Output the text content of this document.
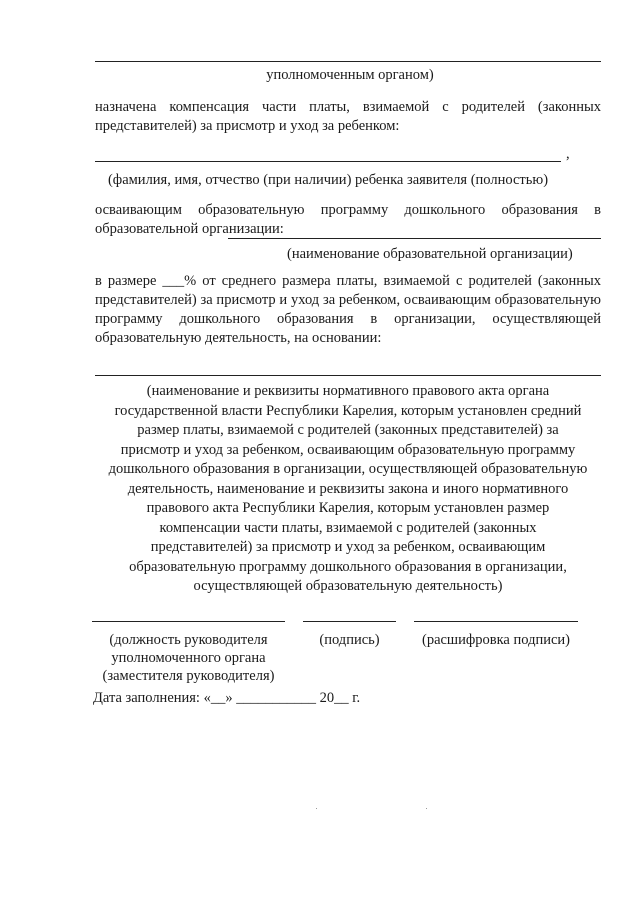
уполномоченным органом)
назначена компенсация части платы, взимаемой с родителей (законных представителей) за присмотр и уход за ребенком:
,
(фамилия, имя, отчество (при наличии) ребенка заявителя (полностью)
осваивающим образовательную программу дошкольного образования в образовательной организации:
(наименование образовательной организации)
в размере ___% от среднего размера платы, взимаемой с родителей (законных представителей) за присмотр и уход за ребенком, осваивающим образовательную программу дошкольного образования в организации, осуществляющей образовательную деятельность, на основании:
(наименование и реквизиты нормативного правового акта органа
государственной власти Республики Карелия, которым установлен средний
размер платы, взимаемой с родителей (законных представителей) за
присмотр и уход за ребенком, осваивающим образовательную программу
дошкольного образования в организации, осуществляющей образовательную
деятельность, наименование и реквизиты закона и иного нормативного
правового акта Республики Карелия, которым установлен размер
компенсации части платы, взимаемой с родителей (законных
представителей) за присмотр и уход за ребенком, осваивающим
образовательную программу дошкольного образования в организации,
осуществляющей образовательную деятельность)
(должность руководителя
уполномоченного органа
(заместителя руководителя)
(подпись)	(расшифровка подписи)
Дата заполнения: «__» ___________ 20__ г.
